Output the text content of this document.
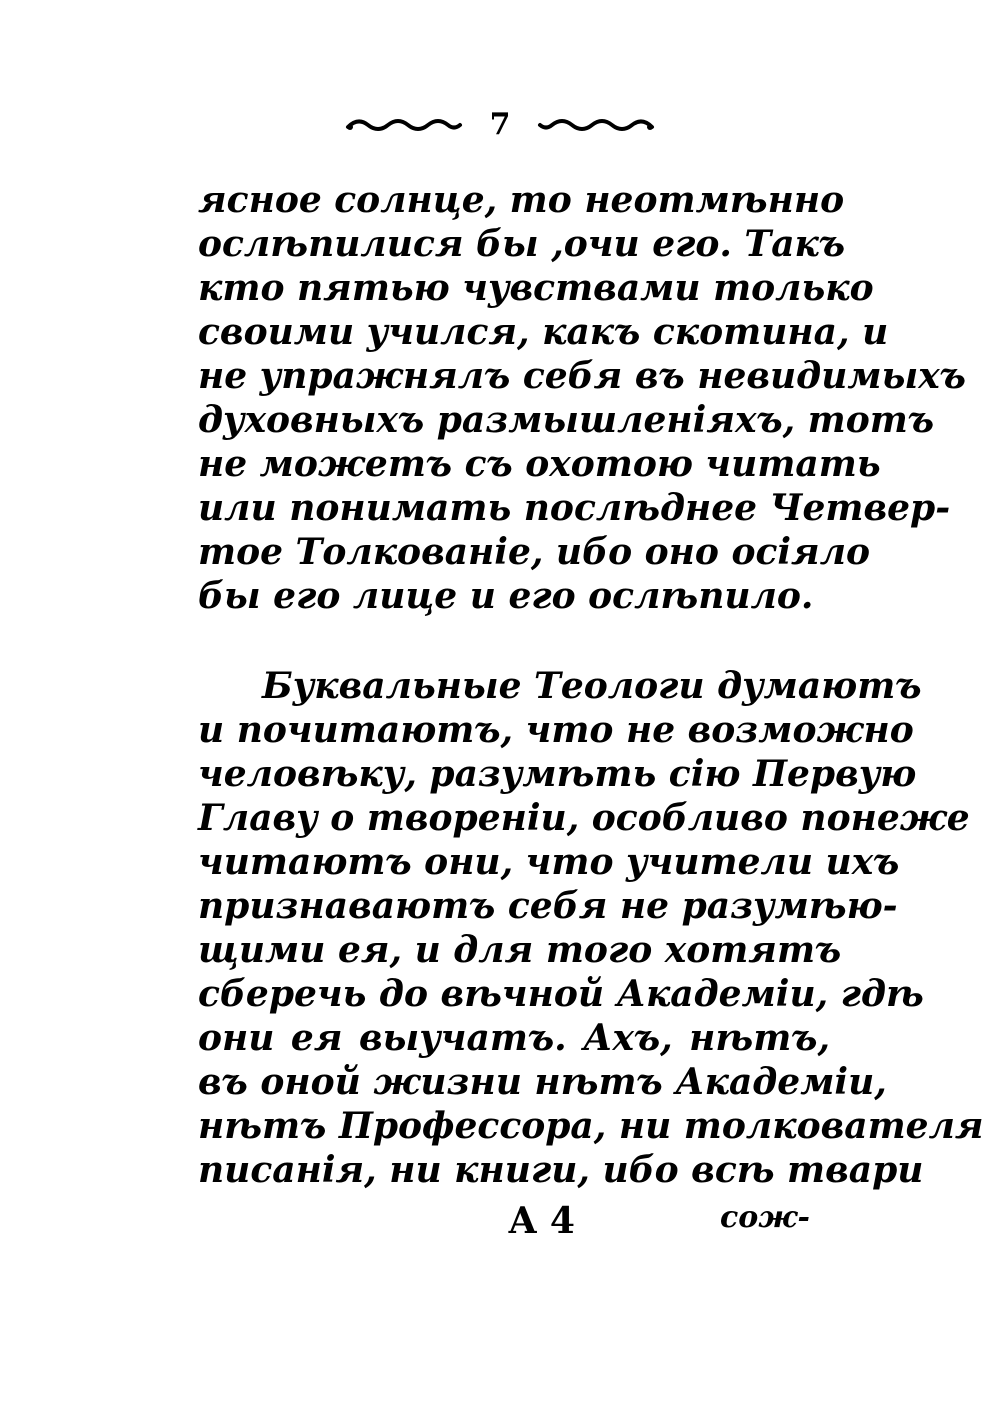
7
ясное солнце, то неотмѣнно
ослѣпилися бы ,очи его. Такъ
кто пятью чувствами только
своими учился, какъ скотина, и
не упражнялъ себя въ невидимыхъ
духовныхъ размышленiяхъ, тотъ
не можетъ съ охотою читать
или понимать послѣднее Четвер-
тое Толкованiе, ибо оно осiяло
бы его лице и его ослѣпило.
Буквальные Теологи думаютъ
и почитаютъ, что не возможно
человѣку, разумѣть сiю Первую
Главу о творенiи, особливо понеже
читаютъ они, что учители ихъ
признаваютъ себя не разумѣю-
щими ея, и для того хотятъ
сберечь до вѣчной Академiи, гдѣ
они ея выучатъ. Ахъ, нѣтъ,
въ оной жизни нѣтъ Академiи,
нѣтъ Профессора, ни толкователя
писанiя, ни книги, ибо всѣ твари
А 4	сож-
